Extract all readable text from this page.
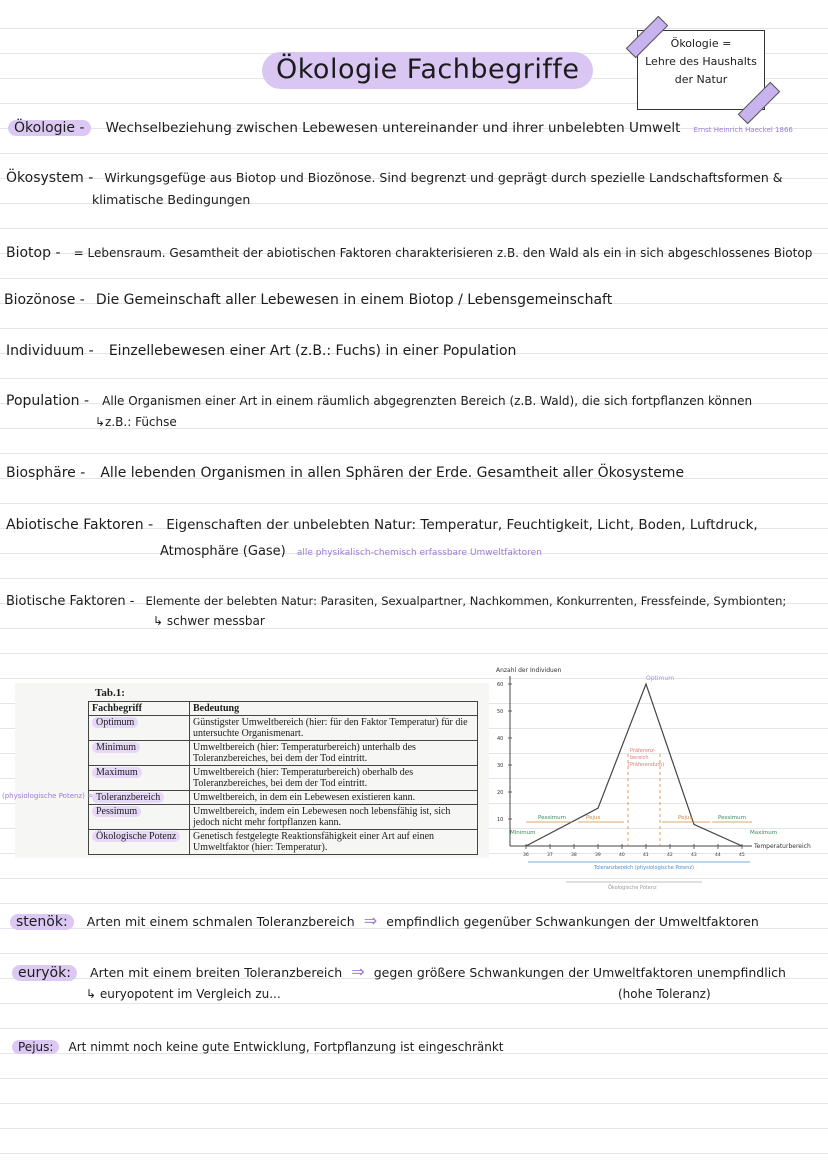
Ökologie Fachbegriffe
Ökologie =
Lehre des Haushalts
der Natur
Ökologie - Wechselbeziehung zwischen Lebewesen untereinander und ihrer unbelebten Umwelt Ernst Heinrich Haeckel 1866
Ökosystem - Wirkungsgefüge aus Biotop und Biozönose. Sind begrenzt und geprägt durch spezielle Landschaftsformen &
klimatische Bedingungen
Biotop - = Lebensraum. Gesamtheit der abiotischen Faktoren charakterisieren z.B. den Wald als ein in sich abgeschlossenes Biotop
Biozönose - Die Gemeinschaft aller Lebewesen in einem Biotop / Lebensgemeinschaft
Individuum - Einzellebewesen einer Art (z.B.: Fuchs) in einer Population
Population - Alle Organismen einer Art in einem räumlich abgegrenzten Bereich (z.B. Wald), die sich fortpflanzen können
↳z.B.: Füchse
Biosphäre - Alle lebenden Organismen in allen Sphären der Erde. Gesamtheit aller Ökosysteme
Abiotische Faktoren - Eigenschaften der unbelebten Natur: Temperatur, Feuchtigkeit, Licht, Boden, Luftdruck,
Atmosphäre (Gase) alle physikalisch-chemisch erfassbare Umweltfaktoren
Biotische Faktoren - Elemente der belebten Natur: Parasiten, Sexualpartner, Nachkommen, Konkurrenten, Fressfeinde, Symbionten;
↳ schwer messbar
Tab.1:
Fachbegriff	Bedeutung
Optimum	Günstigster Umweltbereich (hier: für den Faktor Temperatur) für die untersuchte Organismenart.
Minimum	Umweltbereich (hier: Temperaturbereich) unterhalb des Toleranzbereiches, bei dem der Tod eintritt.
Maximum	Umweltbereich (hier: Temperaturbereich) oberhalb des Toleranzbereiches, bei dem der Tod eintritt.
Toleranzbereich	Umweltbereich, in dem ein Lebewesen existieren kann.
Pessimum	Umweltbereich, indem ein Lebewesen noch lebensfähig ist, sich jedoch nicht mehr fortpflanzen kann.
Ökologische Potenz	Genetisch festgelegte Reaktionsfähigkeit einer Art auf einen Umweltfaktor (hier: Temperatur).
(physiologische Potenz) =
Anzahl der Individuen
Temperaturbereich
60
50
40
30
20
10
36	37	38	39	40	41	42	43	44	45
Pessimum	Pejus	Pejus	Pessimum
Minimum	Maximum
Optimum
Präferenz-
bereich
(Präferendum)
Toleranzbereich (physiologische Potenz)
Ökologische Potenz
stenök: Arten mit einem schmalen Toleranzbereich ⇒ empfindlich gegenüber Schwankungen der Umweltfaktoren
euryök: Arten mit einem breiten Toleranzbereich ⇒ gegen größere Schwankungen der Umweltfaktoren unempfindlich
↳ euryopotent im Vergleich zu...	(hohe Toleranz)
Pejus: Art nimmt noch keine gute Entwicklung, Fortpflanzung ist eingeschränkt
